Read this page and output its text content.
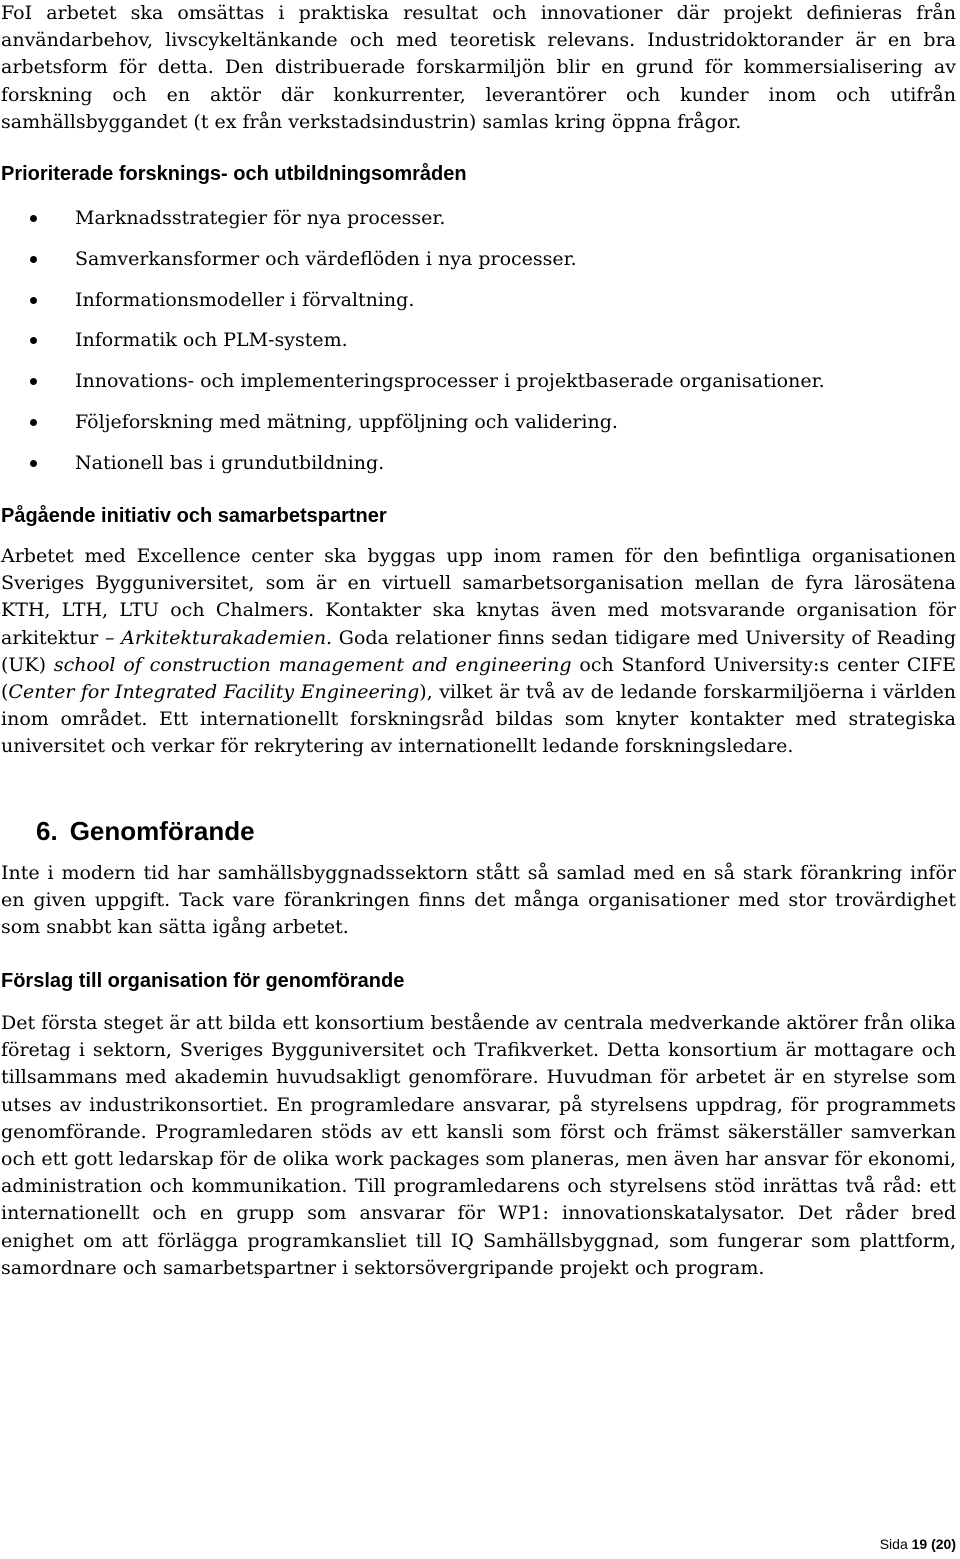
FoI arbetet ska omsättas i praktiska resultat och innovationer där projekt definieras från användarbehov, livscykeltänkande och med teoretisk relevans. Industridoktorander är en bra arbetsform för detta. Den distribuerade forskarmiljön blir en grund för kommersialisering av forskning och en aktör där konkurrenter, leverantörer och kunder inom och utifrån samhällsbyggandet (t ex från verkstadsindustrin) samlas kring öppna frågor.

Prioriterade forsknings- och utbildningsområden
Marknadsstrategier för nya processer.
Samverkansformer och värdeflöden i nya processer.
Informationsmodeller i förvaltning.
Informatik och PLM-system.
Innovations- och implementeringsprocesser i projektbaserade organisationer.
Följeforskning med mätning, uppföljning och validering.
Nationell bas i grundutbildning.
Pågående initiativ och samarbetspartner

Arbetet med Excellence center ska byggas upp inom ramen för den befintliga organisationen Sveriges Bygguniversitet, som är en virtuell samarbetsorganisation mellan de fyra lärosätena KTH, LTH, LTU och Chalmers. Kontakter ska knytas även med motsvarande organisation för arkitektur – Arkitekturakademien. Goda relationer finns sedan tidigare med University of Reading (UK) school of construction management and engineering och Stanford University:s center CIFE (Center for Integrated Facility Engineering), vilket är två av de ledande forskarmiljöerna i världen inom området. Ett internationellt forskningsråd bildas som knyter kontakter med strategiska universitet och verkar för rekrytering av internationellt ledande forskningsledare.

6. Genomförande

Inte i modern tid har samhällsbyggnadssektorn stått så samlad med en så stark förankring inför en given uppgift. Tack vare förankringen finns det många organisationer med stor trovärdighet som snabbt kan sätta igång arbetet.

Förslag till organisation för genomförande

Det första steget är att bilda ett konsortium bestående av centrala medverkande aktörer från olika företag i sektorn, Sveriges Bygguniversitet och Trafikverket. Detta konsortium är mottagare och tillsammans med akademin huvudsakligt genomförare. Huvudman för arbetet är en styrelse som utses av industrikonsortiet. En programledare ansvarar, på styrelsens uppdrag, för programmets genomförande. Programledaren stöds av ett kansli som först och främst säkerställer samverkan och ett gott ledarskap för de olika work packages som planeras, men även har ansvar för ekonomi, administration och kommunikation. Till programledarens och styrelsens stöd inrättas två råd: ett internationellt och en grupp som ansvarar för WP1: innovationskatalysator. Det råder bred enighet om att förlägga programkansliet till IQ Samhällsbyggnad, som fungerar som plattform, samordnare och samarbetspartner i sektorsövergripande projekt och program.

Sida 19 (20)
